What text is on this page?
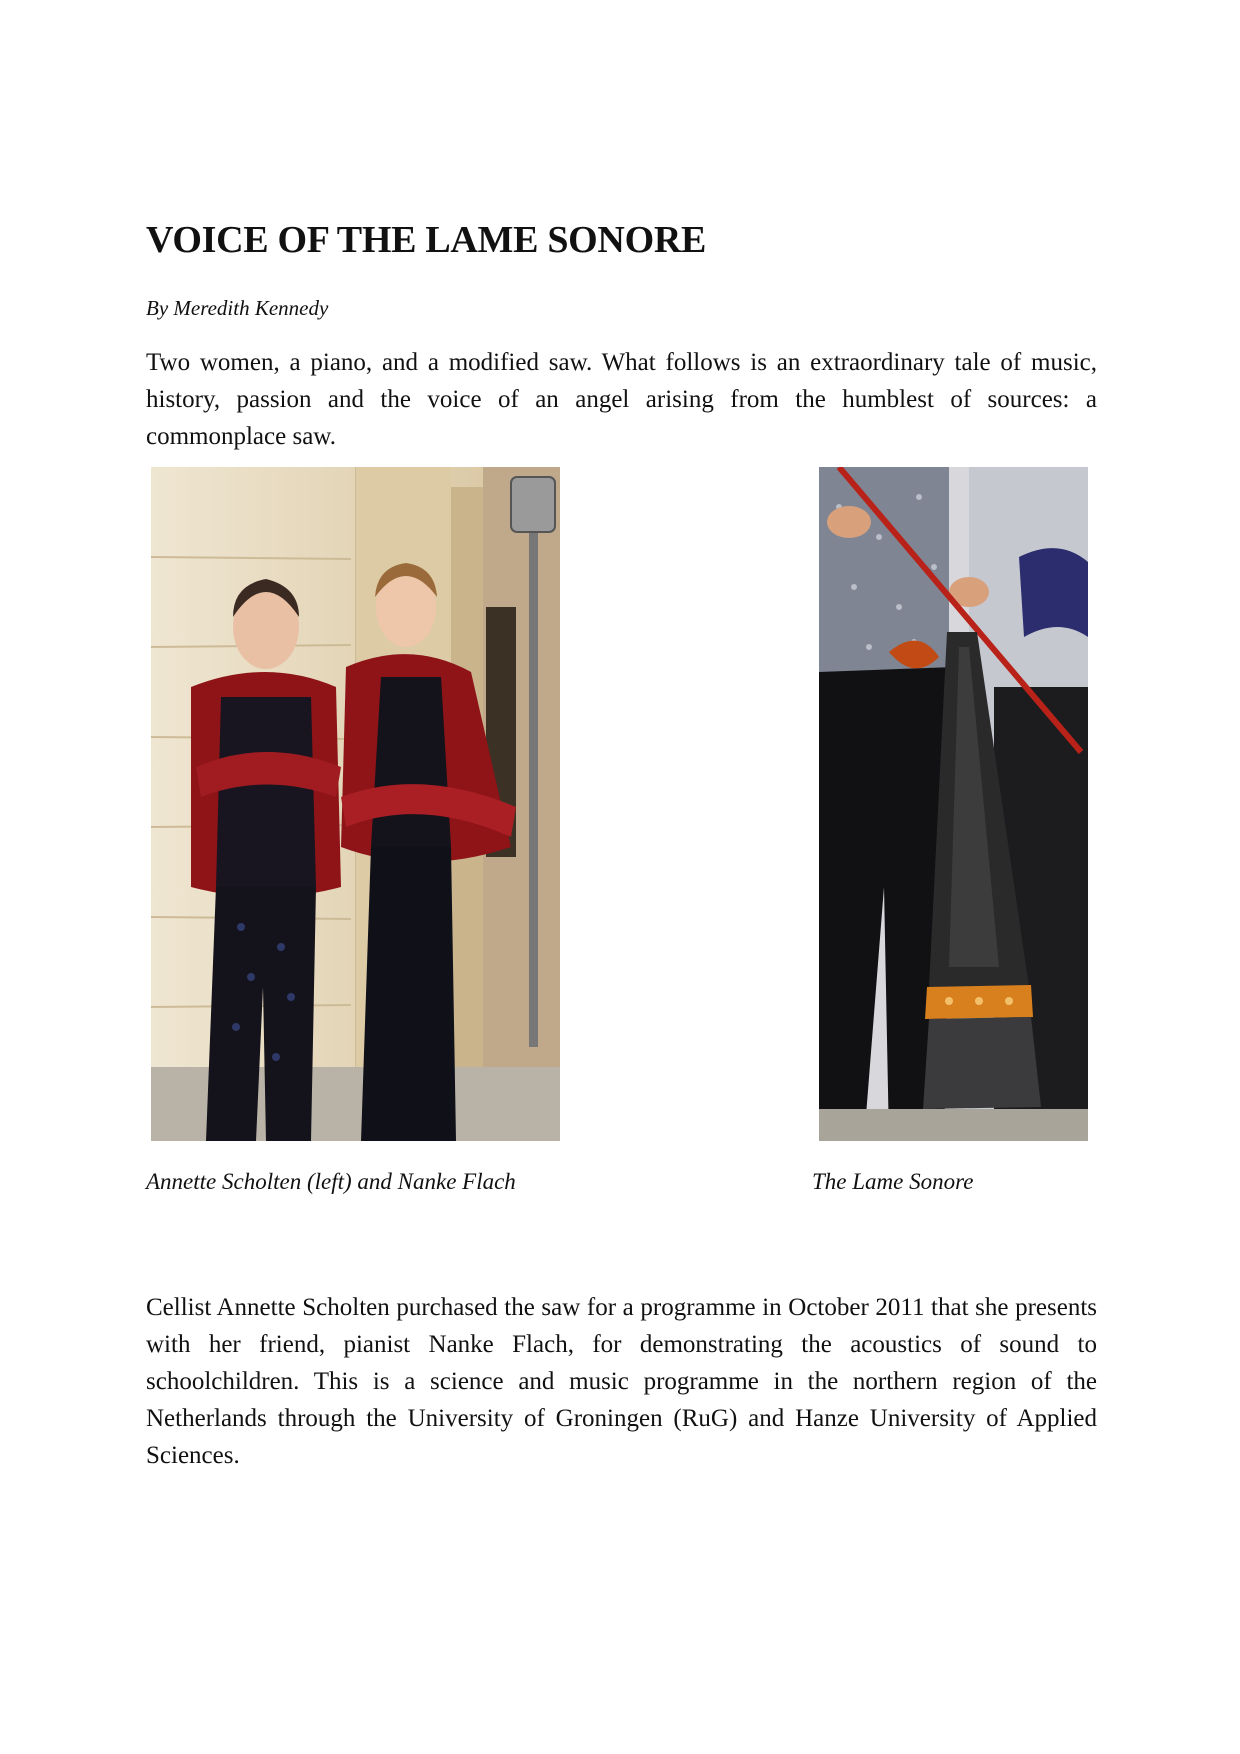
VOICE OF THE LAME SONORE

By Meredith Kennedy

Two women, a piano, and a modified saw. What follows is an extraordinary tale of music, history, passion and the voice of an angel arising from the humblest of sources: a commonplace saw.

Annette Scholten (left) and Nanke Flach	The Lame Sonore

Cellist Annette Scholten purchased the saw for a programme in October 2011 that she presents with her friend, pianist Nanke Flach, for demonstrating the acoustics of sound to schoolchildren. This is a science and music programme in the northern region of the Netherlands through the University of Groningen (RuG) and Hanze University of Applied Sciences.
